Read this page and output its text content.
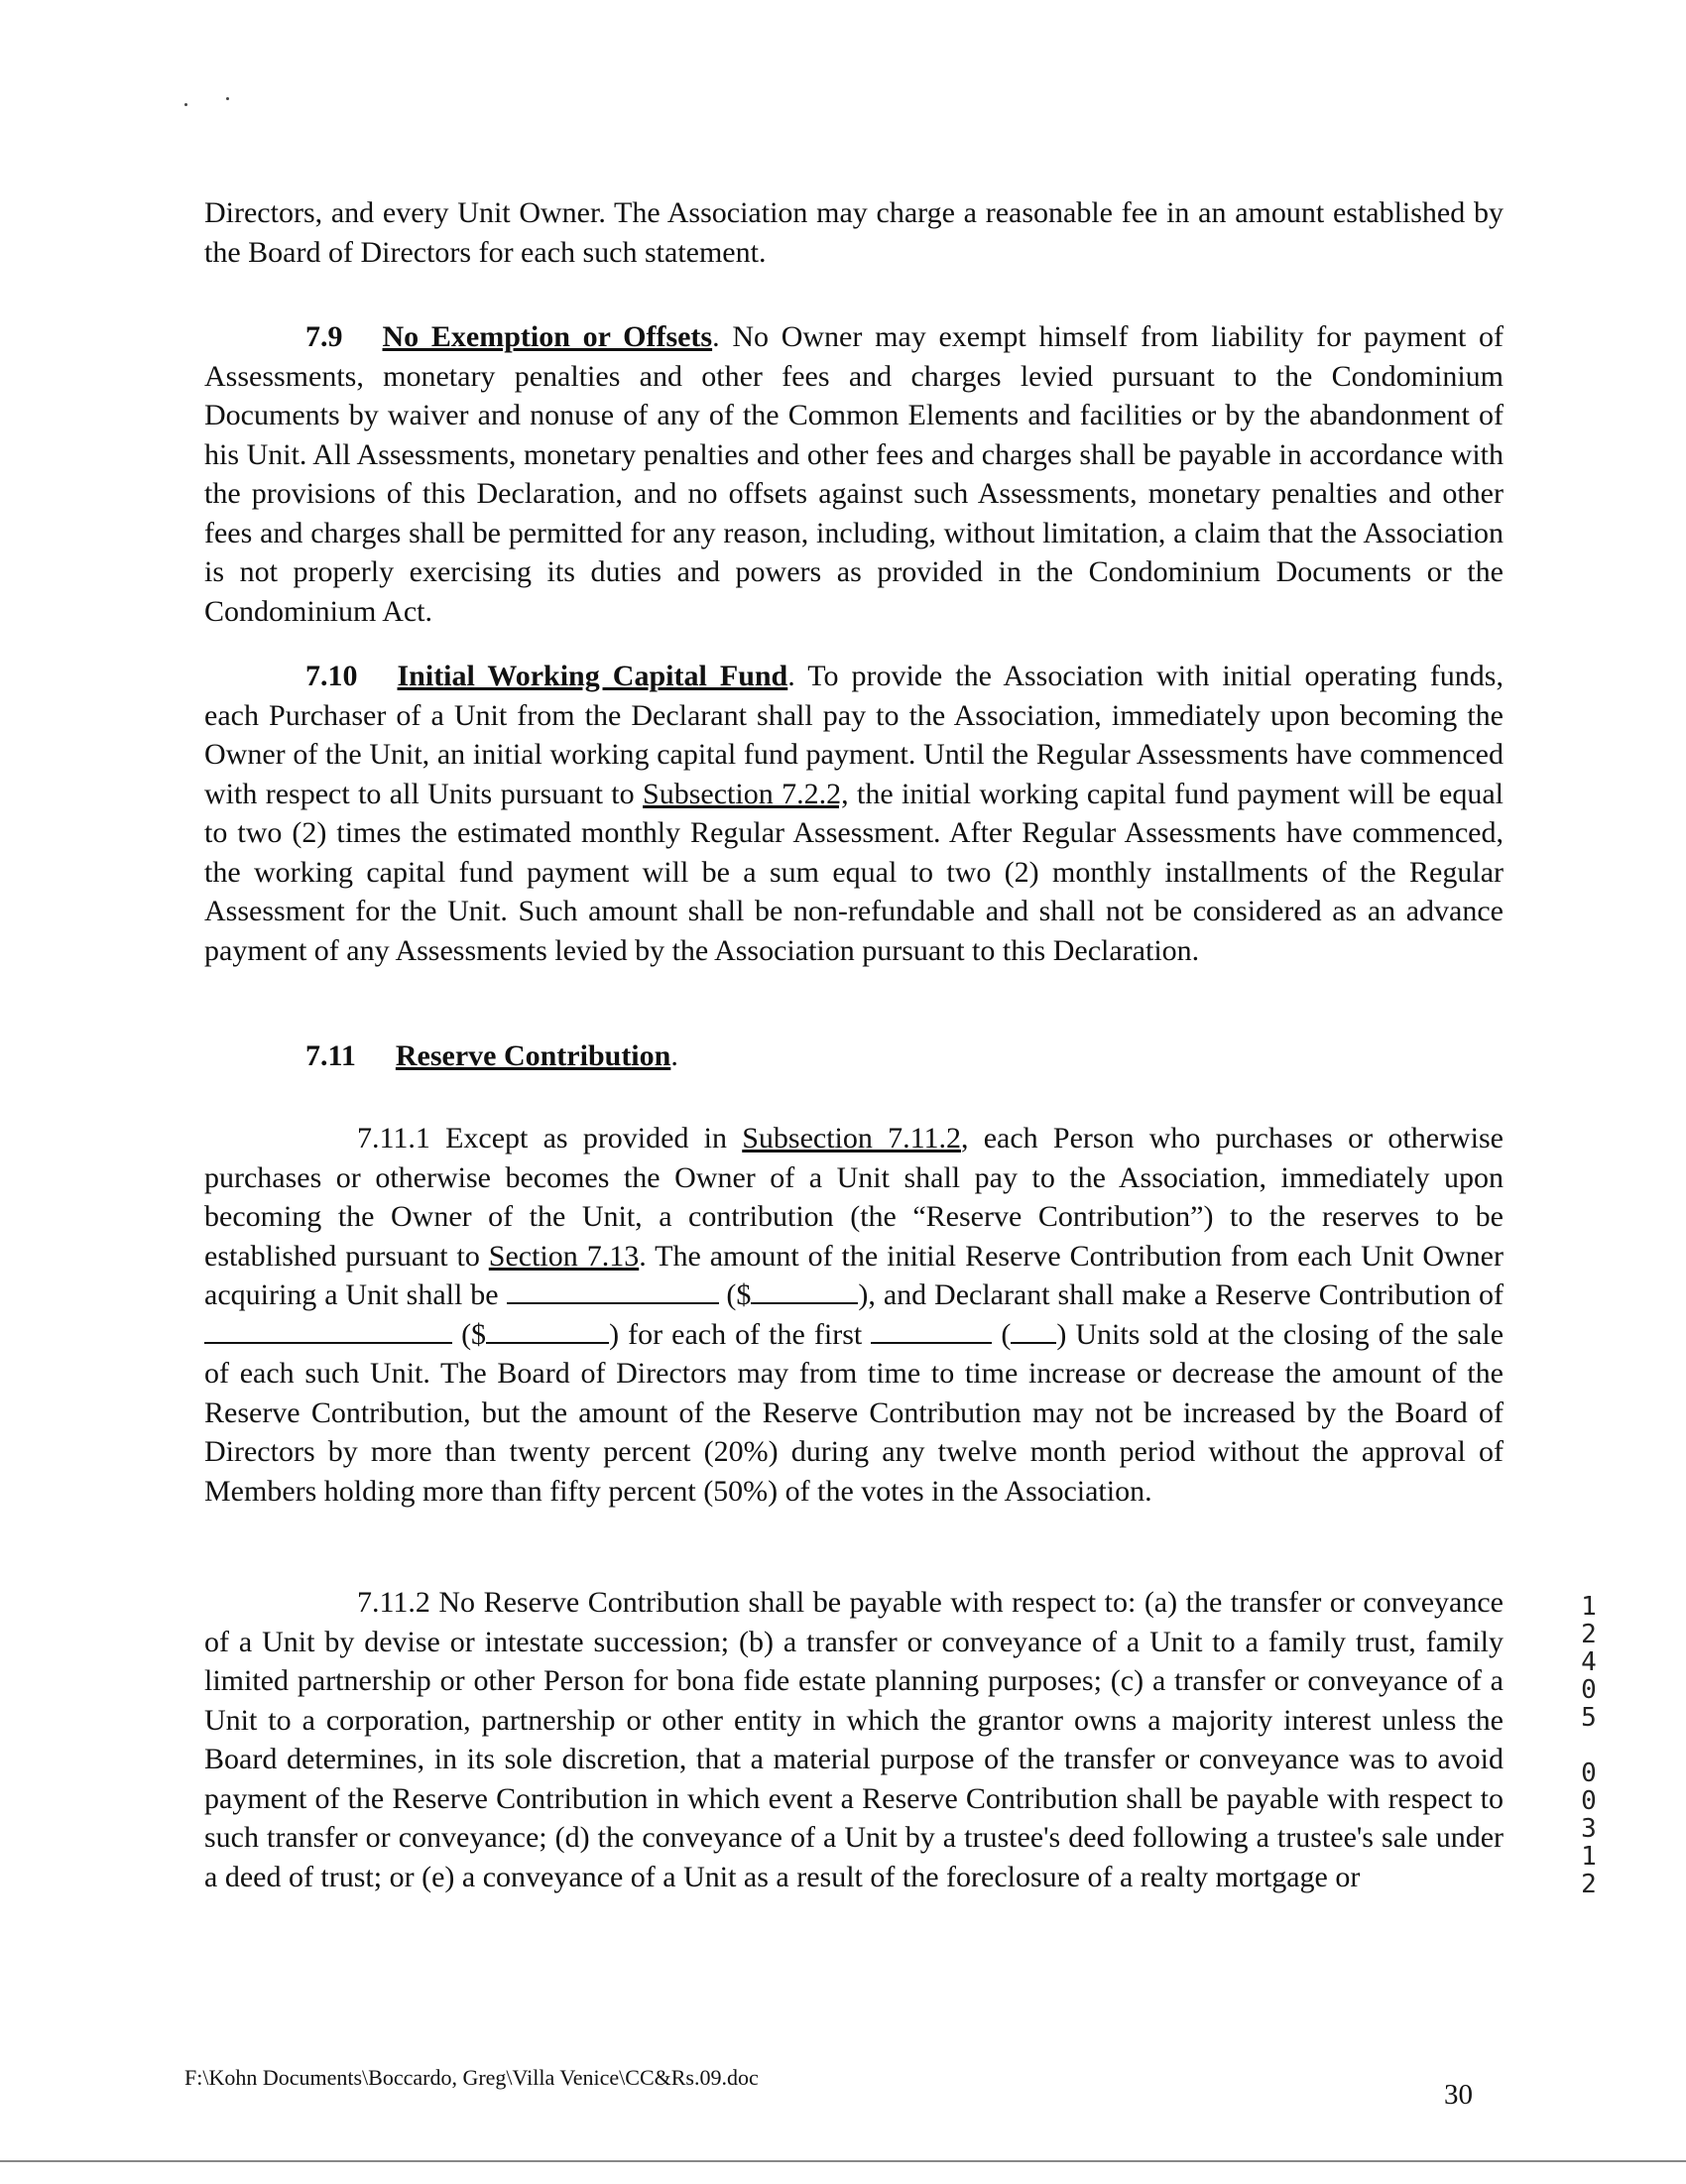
Directors, and every Unit Owner. The Association may charge a reasonable fee in an amount established by the Board of Directors for each such statement.
7.9 No Exemption or Offsets. No Owner may exempt himself from liability for payment of Assessments, monetary penalties and other fees and charges levied pursuant to the Condominium Documents by waiver and nonuse of any of the Common Elements and facilities or by the abandonment of his Unit. All Assessments, monetary penalties and other fees and charges shall be payable in accordance with the provisions of this Declaration, and no offsets against such Assessments, monetary penalties and other fees and charges shall be permitted for any reason, including, without limitation, a claim that the Association is not properly exercising its duties and powers as provided in the Condominium Documents or the Condominium Act.
7.10 Initial Working Capital Fund. To provide the Association with initial operating funds, each Purchaser of a Unit from the Declarant shall pay to the Association, immediately upon becoming the Owner of the Unit, an initial working capital fund payment. Until the Regular Assessments have commenced with respect to all Units pursuant to Subsection 7.2.2, the initial working capital fund payment will be equal to two (2) times the estimated monthly Regular Assessment. After Regular Assessments have commenced, the working capital fund payment will be a sum equal to two (2) monthly installments of the Regular Assessment for the Unit. Such amount shall be non-refundable and shall not be considered as an advance payment of any Assessments levied by the Association pursuant to this Declaration.
7.11 Reserve Contribution.
7.11.1 Except as provided in Subsection 7.11.2, each Person who purchases or otherwise purchases or otherwise becomes the Owner of a Unit shall pay to the Association, immediately upon becoming the Owner of the Unit, a contribution (the “Reserve Contribution”) to the reserves to be established pursuant to Section 7.13. The amount of the initial Reserve Contribution from each Unit Owner acquiring a Unit shall be	($	), and Declarant shall make a Reserve Contribution of  ($	) for each of the first	( ) Units sold at the closing of the sale of each such Unit. The Board of Directors may from time to time increase or decrease the amount of the Reserve Contribution, but the amount of the Reserve Contribution may not be increased by the Board of Directors by more than twenty percent (20%) during any twelve month period without the approval of Members holding more than fifty percent (50%) of the votes in the Association.
7.11.2 No Reserve Contribution shall be payable with respect to: (a) the transfer or conveyance of a Unit by devise or intestate succession; (b) a transfer or conveyance of a Unit to a family trust, family limited partnership or other Person for bona fide estate planning purposes; (c) a transfer or conveyance of a Unit to a corporation, partnership or other entity in which the grantor owns a majority interest unless the Board determines, in its sole discretion, that a material purpose of the transfer or conveyance was to avoid payment of the Reserve Contribution in which event a Reserve Contribution shall be payable with respect to such transfer or conveyance; (d) the conveyance of a Unit by a trustee's deed following a trustee's sale under a deed of trust; or (e) a conveyance of a Unit as a result of the foreclosure of a realty mortgage or
1
2
4
0
5
0
0
3
1
2
F:\Kohn Documents\Boccardo, Greg\Villa Venice\CC&Rs.09.doc
30
